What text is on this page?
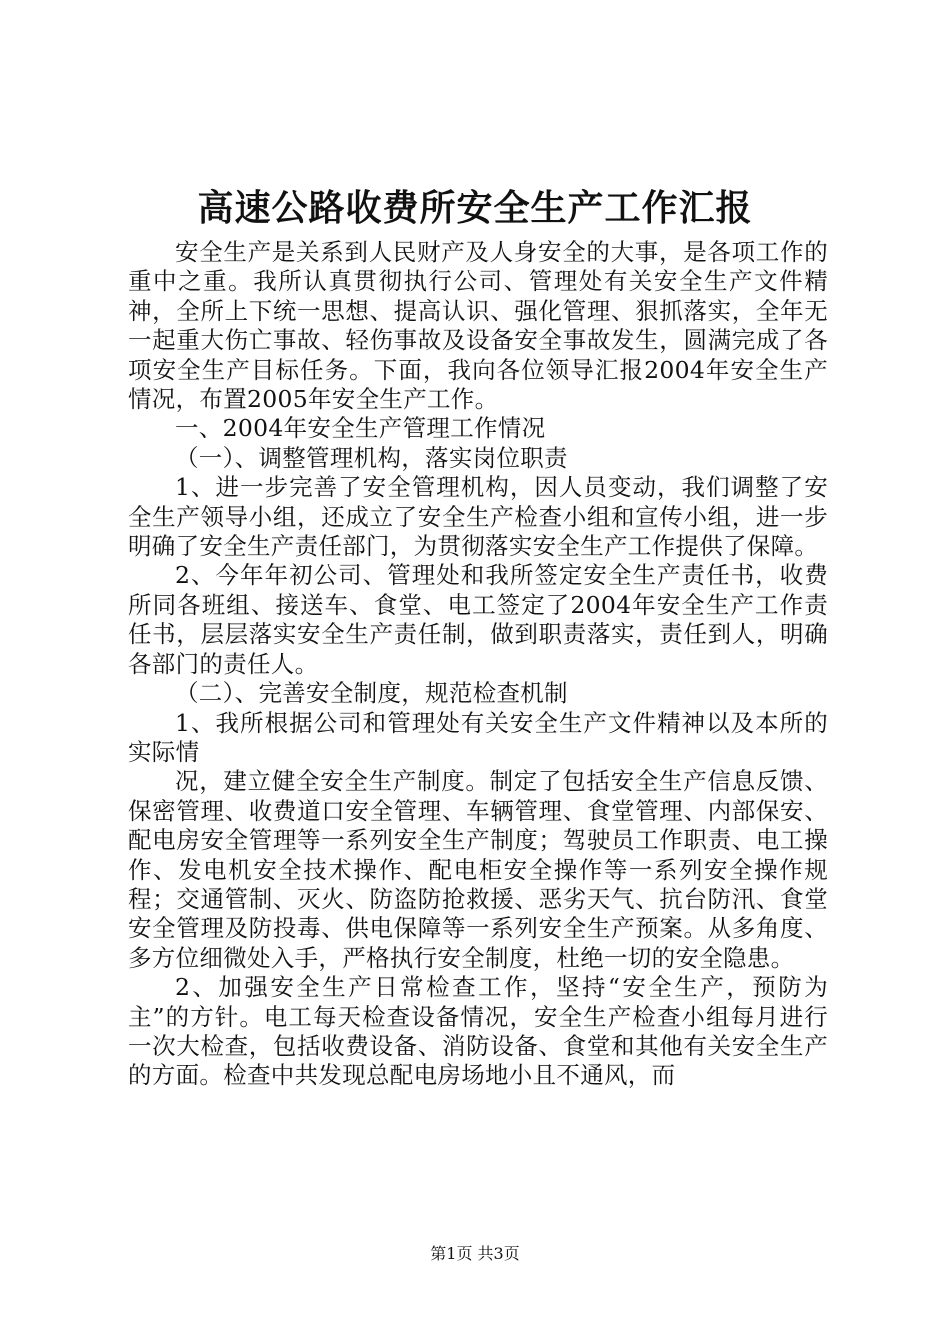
高速公路收费所安全生产工作汇报

安全生产是关系到人民财产及人身安全的大事，是各项工作的重中之重。我所认真贯彻执行公司、管理处有关安全生产文件精神，全所上下统一思想、提高认识、强化管理、狠抓落实，全年无一起重大伤亡事故、轻伤事故及设备安全事故发生，圆满完成了各项安全生产目标任务。下面，我向各位领导汇报2004年安全生产情况，布置2005年安全生产工作。

一、2004年安全生产管理工作情况

（一）、调整管理机构，落实岗位职责

1、进一步完善了安全管理机构，因人员变动，我们调整了安全生产领导小组，还成立了安全生产检查小组和宣传小组，进一步明确了安全生产责任部门，为贯彻落实安全生产工作提供了保障。

2、今年年初公司、管理处和我所签定安全生产责任书，收费所同各班组、接送车、食堂、电工签定了2004年安全生产工作责任书，层层落实安全生产责任制，做到职责落实，责任到人，明确各部门的责任人。

（二）、完善安全制度，规范检查机制

1、我所根据公司和管理处有关安全生产文件精神以及本所的实际情

况，建立健全安全生产制度。制定了包括安全生产信息反馈、保密管理、收费道口安全管理、车辆管理、食堂管理、内部保安、配电房安全管理等一系列安全生产制度；驾驶员工作职责、电工操作、发电机安全技术操作、配电柜安全操作等一系列安全操作规程；交通管制、灭火、防盗防抢救援、恶劣天气、抗台防汛、食堂安全管理及防投毒、供电保障等一系列安全生产预案。从多角度、多方位细微处入手，严格执行安全制度，杜绝一切的安全隐患。

2、加强安全生产日常检查工作，坚持“安全生产，预防为主”的方针。电工每天检查设备情况，安全生产检查小组每月进行一次大检查，包括收费设备、消防设备、食堂和其他有关安全生产的方面。检查中共发现总配电房场地小且不通风，而

第1页 共3页
